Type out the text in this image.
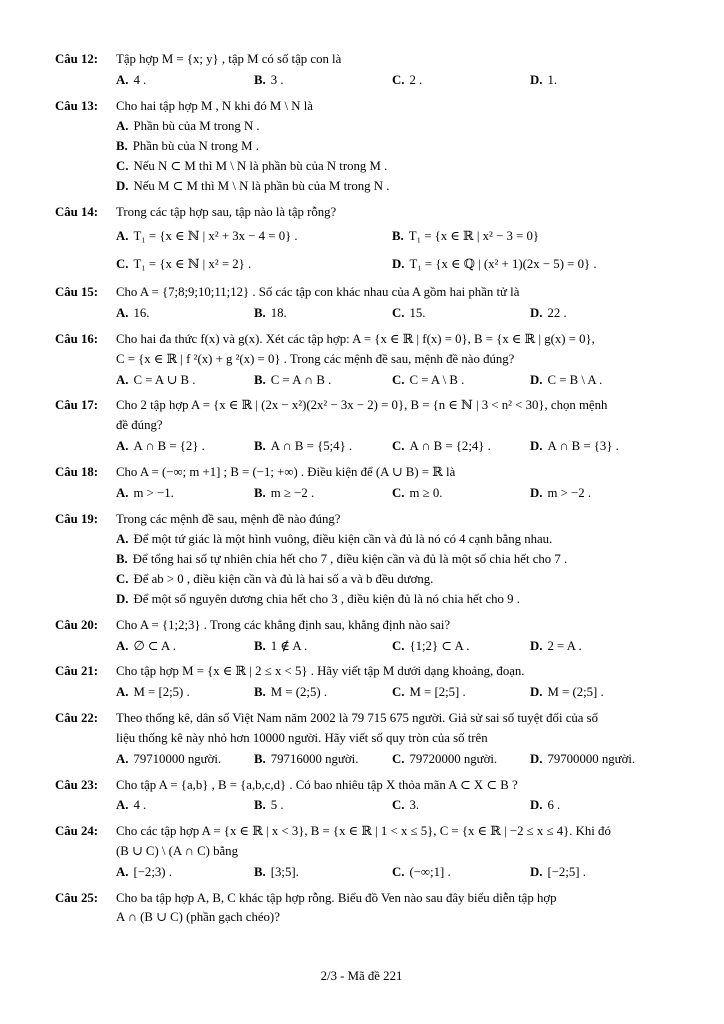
Câu 12:	Tập hợp M = {x; y} , tập M có số tập con là
A. 4 .	B. 3 .	C. 2 .	D. 1.
Câu 13:	Cho hai tập hợp M , N khi đó M \ N là
A. Phần bù của M trong N .
B. Phần bù của N trong M .
C. Nếu N ⊂ M thì M \ N là phần bù của N trong M .
D. Nếu M ⊂ M thì M \ N là phần bù của M trong N .
Câu 14:	Trong các tập hợp sau, tập nào là tập rỗng?
A. T₁ = {x ∈ ℕ | x² + 3x − 4 = 0} .	B. T₁ = {x ∈ ℝ | x² − 3 = 0}
C. T₁ = {x ∈ ℕ | x² = 2} .	D. T₁ = {x ∈ ℚ | (x² + 1)(2x − 5) = 0} .
Câu 15:	Cho A = {7;8;9;10;11;12} . Số các tập con khác nhau của A gồm hai phần tử là
A. 16.	B. 18.	C. 15.	D. 22 .
Câu 16:	Cho hai đa thức f(x) và g(x). Xét các tập hợp: A = {x ∈ ℝ | f(x) = 0}, B = {x ∈ ℝ | g(x) = 0},
C = {x ∈ ℝ | f ²(x) + g ²(x) = 0} . Trong các mệnh đề sau, mệnh đề nào đúng?
A. C = A ∪ B .	B. C = A ∩ B .	C. C = A \ B .	D. C = B \ A .
Câu 17:	Cho 2 tập hợp A = {x ∈ ℝ | (2x − x²)(2x² − 3x − 2) = 0}, B = {n ∈ ℕ | 3 < n² < 30}, chọn mệnh
đề đúng?
A. A ∩ B = {2} .	B. A ∩ B = {5;4} .	C. A ∩ B = {2;4} .	D. A ∩ B = {3} .
Câu 18:	Cho A = (−∞; m +1] ; B = (−1; +∞) . Điều kiện để (A ∪ B) = ℝ là
A. m > −1.	B. m ≥ −2 .	C. m ≥ 0.	D. m > −2 .
Câu 19:	Trong các mệnh đề sau, mệnh đề nào đúng?
A. Để một tứ giác là một hình vuông, điều kiện cần và đủ là nó có 4 cạnh bằng nhau.
B. Để tổng hai số tự nhiên chia hết cho 7 , điều kiện cần và đủ là một số chia hết cho 7 .
C. Để ab > 0 , điều kiện cần và đủ là hai số a và b đều dương.
D. Để một số nguyên dương chia hết cho 3 , điều kiện đủ là nó chia hết cho 9 .
Câu 20:	Cho A = {1;2;3} . Trong các khẳng định sau, khẳng định nào sai?
A. ∅ ⊂ A .	B. 1 ∉ A .	C. {1;2} ⊂ A .	D. 2 = A .
Câu 21:	Cho tập hợp M = {x ∈ ℝ | 2 ≤ x < 5} . Hãy viết tập M dưới dạng khoảng, đoạn.
A. M = [2;5) .	B. M = (2;5) .	C. M = [2;5] .	D. M = (2;5] .
Câu 22:	Theo thống kê, dân số Việt Nam năm 2002 là 79 715 675 người. Giả sử sai số tuyệt đối của số
liệu thống kê này nhỏ hơn 10000 người. Hãy viết số quy tròn của số trên
A. 79710000 người.	B. 79716000 người.	C. 79720000 người.	D. 79700000 người.
Câu 23:	Cho tập A = {a,b} , B = {a,b,c,d} . Có bao nhiêu tập X thỏa mãn A ⊂ X ⊂ B ?
A. 4 .	B. 5 .	C. 3.	D. 6 .
Câu 24:	Cho các tập hợp A = {x ∈ ℝ | x < 3}, B = {x ∈ ℝ | 1 < x ≤ 5}, C = {x ∈ ℝ | −2 ≤ x ≤ 4}. Khi đó
(B ∪ C) \ (A ∩ C) bằng
A. [−2;3) .	B. [3;5].	C. (−∞;1] .	D. [−2;5] .
Câu 25:	Cho ba tập hợp A, B, C khác tập hợp rỗng. Biểu đồ Ven nào sau đây biểu diễn tập hợp
A ∩ (B ∪ C) (phần gạch chéo)?
2/3 - Mã đề 221
